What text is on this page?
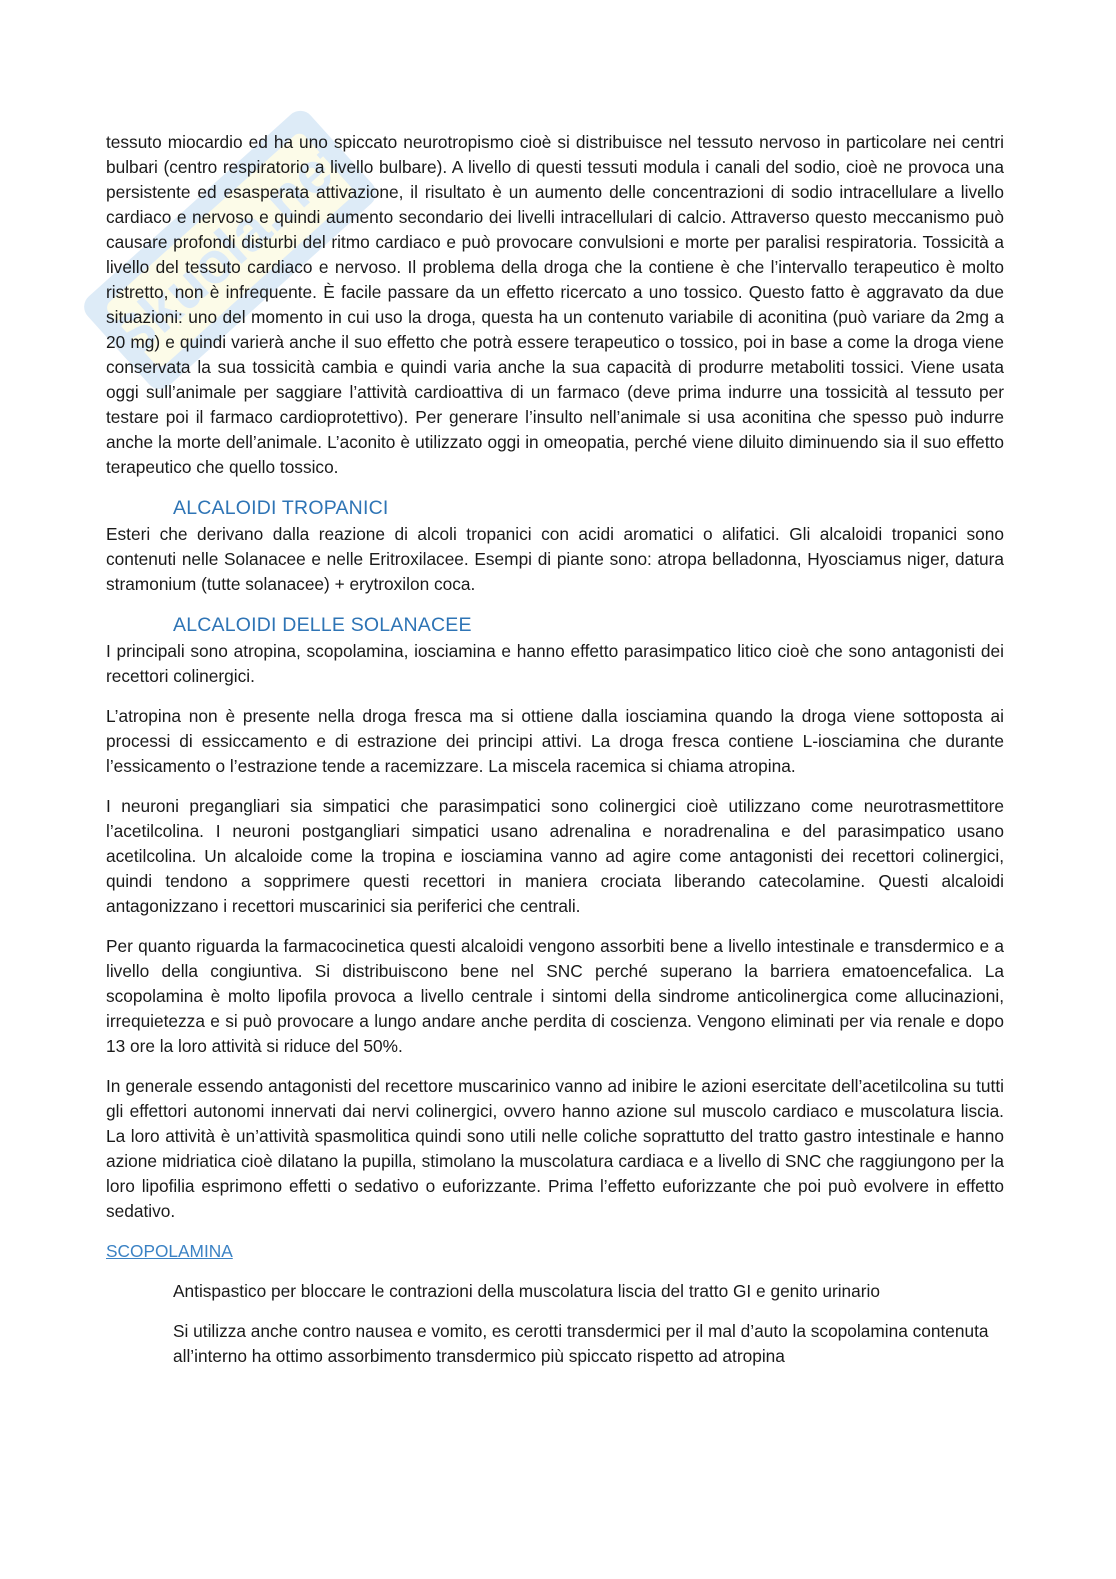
Skuola.net

tessuto miocardio ed ha uno spiccato neurotropismo cioè si distribuisce nel tessuto nervoso in particolare nei centri bulbari (centro respiratorio a livello bulbare). A livello di questi tessuti modula i canali del sodio, cioè ne provoca una persistente ed esasperata attivazione, il risultato è un aumento delle concentrazioni di sodio intracellulare a livello cardiaco e nervoso e quindi aumento secondario dei livelli intracellulari di calcio. Attraverso questo meccanismo può causare profondi disturbi del ritmo cardiaco e può provocare convulsioni e morte per paralisi respiratoria. Tossicità a livello del tessuto cardiaco e nervoso. Il problema della droga che la contiene è che l’intervallo terapeutico è molto ristretto, non è infrequente. È facile passare da un effetto ricercato a uno tossico. Questo fatto è aggravato da due situazioni: uno del momento in cui uso la droga, questa ha un contenuto variabile di aconitina (può variare da 2mg a 20 mg) e quindi varierà anche il suo effetto che potrà essere terapeutico o tossico, poi in base a come la droga viene conservata la sua tossicità cambia e quindi varia anche la sua capacità di produrre metaboliti tossici. Viene usata oggi sull’animale per saggiare l’attività cardioattiva di un farmaco (deve prima indurre una tossicità al tessuto per testare poi il farmaco cardioprotettivo). Per generare l’insulto nell’animale si usa aconitina che spesso può indurre anche la morte dell’animale. L’aconito è utilizzato oggi in omeopatia, perché viene diluito diminuendo sia il suo effetto terapeutico che quello tossico.

ALCALOIDI TROPANICI

Esteri che derivano dalla reazione di alcoli tropanici con acidi aromatici o alifatici. Gli alcaloidi tropanici sono contenuti nelle Solanacee e nelle Eritroxilacee. Esempi di piante sono: atropa belladonna, Hyosciamus niger, datura stramonium (tutte solanacee) + erytroxilon coca.

ALCALOIDI DELLE SOLANACEE

I principali sono atropina, scopolamina, iosciamina e hanno effetto parasimpatico litico cioè che sono antagonisti dei recettori colinergici.

L’atropina non è presente nella droga fresca ma si ottiene dalla iosciamina quando la droga viene sottoposta ai processi di essiccamento e di estrazione dei principi attivi. La droga fresca contiene L-iosciamina che durante l’essicamento o l’estrazione tende a racemizzare. La miscela racemica si chiama atropina.

I neuroni pregangliari sia simpatici che parasimpatici sono colinergici cioè utilizzano come neurotrasmettitore l’acetilcolina. I neuroni postgangliari simpatici usano adrenalina e noradrenalina e del parasimpatico usano acetilcolina. Un alcaloide come la tropina e iosciamina vanno ad agire come antagonisti dei recettori colinergici, quindi tendono a sopprimere questi recettori in maniera crociata liberando catecolamine. Questi alcaloidi antagonizzano i recettori muscarinici sia periferici che centrali.

Per quanto riguarda la farmacocinetica questi alcaloidi vengono assorbiti bene a livello intestinale e transdermico e a livello della congiuntiva. Si distribuiscono bene nel SNC perché superano la barriera ematoencefalica. La scopolamina è molto lipofila provoca a livello centrale i sintomi della sindrome anticolinergica come allucinazioni, irrequietezza e si può provocare a lungo andare anche perdita di coscienza. Vengono eliminati per via renale e dopo 13 ore la loro attività si riduce del 50%.

In generale essendo antagonisti del recettore muscarinico vanno ad inibire le azioni esercitate dell’acetilcolina su tutti gli effettori autonomi innervati dai nervi colinergici, ovvero hanno azione sul muscolo cardiaco e muscolatura liscia. La loro attività è un’attività spasmolitica quindi sono utili nelle coliche soprattutto del tratto gastro intestinale e hanno azione midriatica cioè dilatano la pupilla, stimolano la muscolatura cardiaca e a livello di SNC che raggiungono per la loro lipofilia esprimono effetti o sedativo o euforizzante. Prima l’effetto euforizzante che poi può evolvere in effetto sedativo.

SCOPOLAMINA

Antispastico per bloccare le contrazioni della muscolatura liscia del tratto GI e genito urinario

Si utilizza anche contro nausea e vomito, es cerotti transdermici per il mal d’auto la scopolamina contenuta all’interno ha ottimo assorbimento transdermico più spiccato rispetto ad atropina
